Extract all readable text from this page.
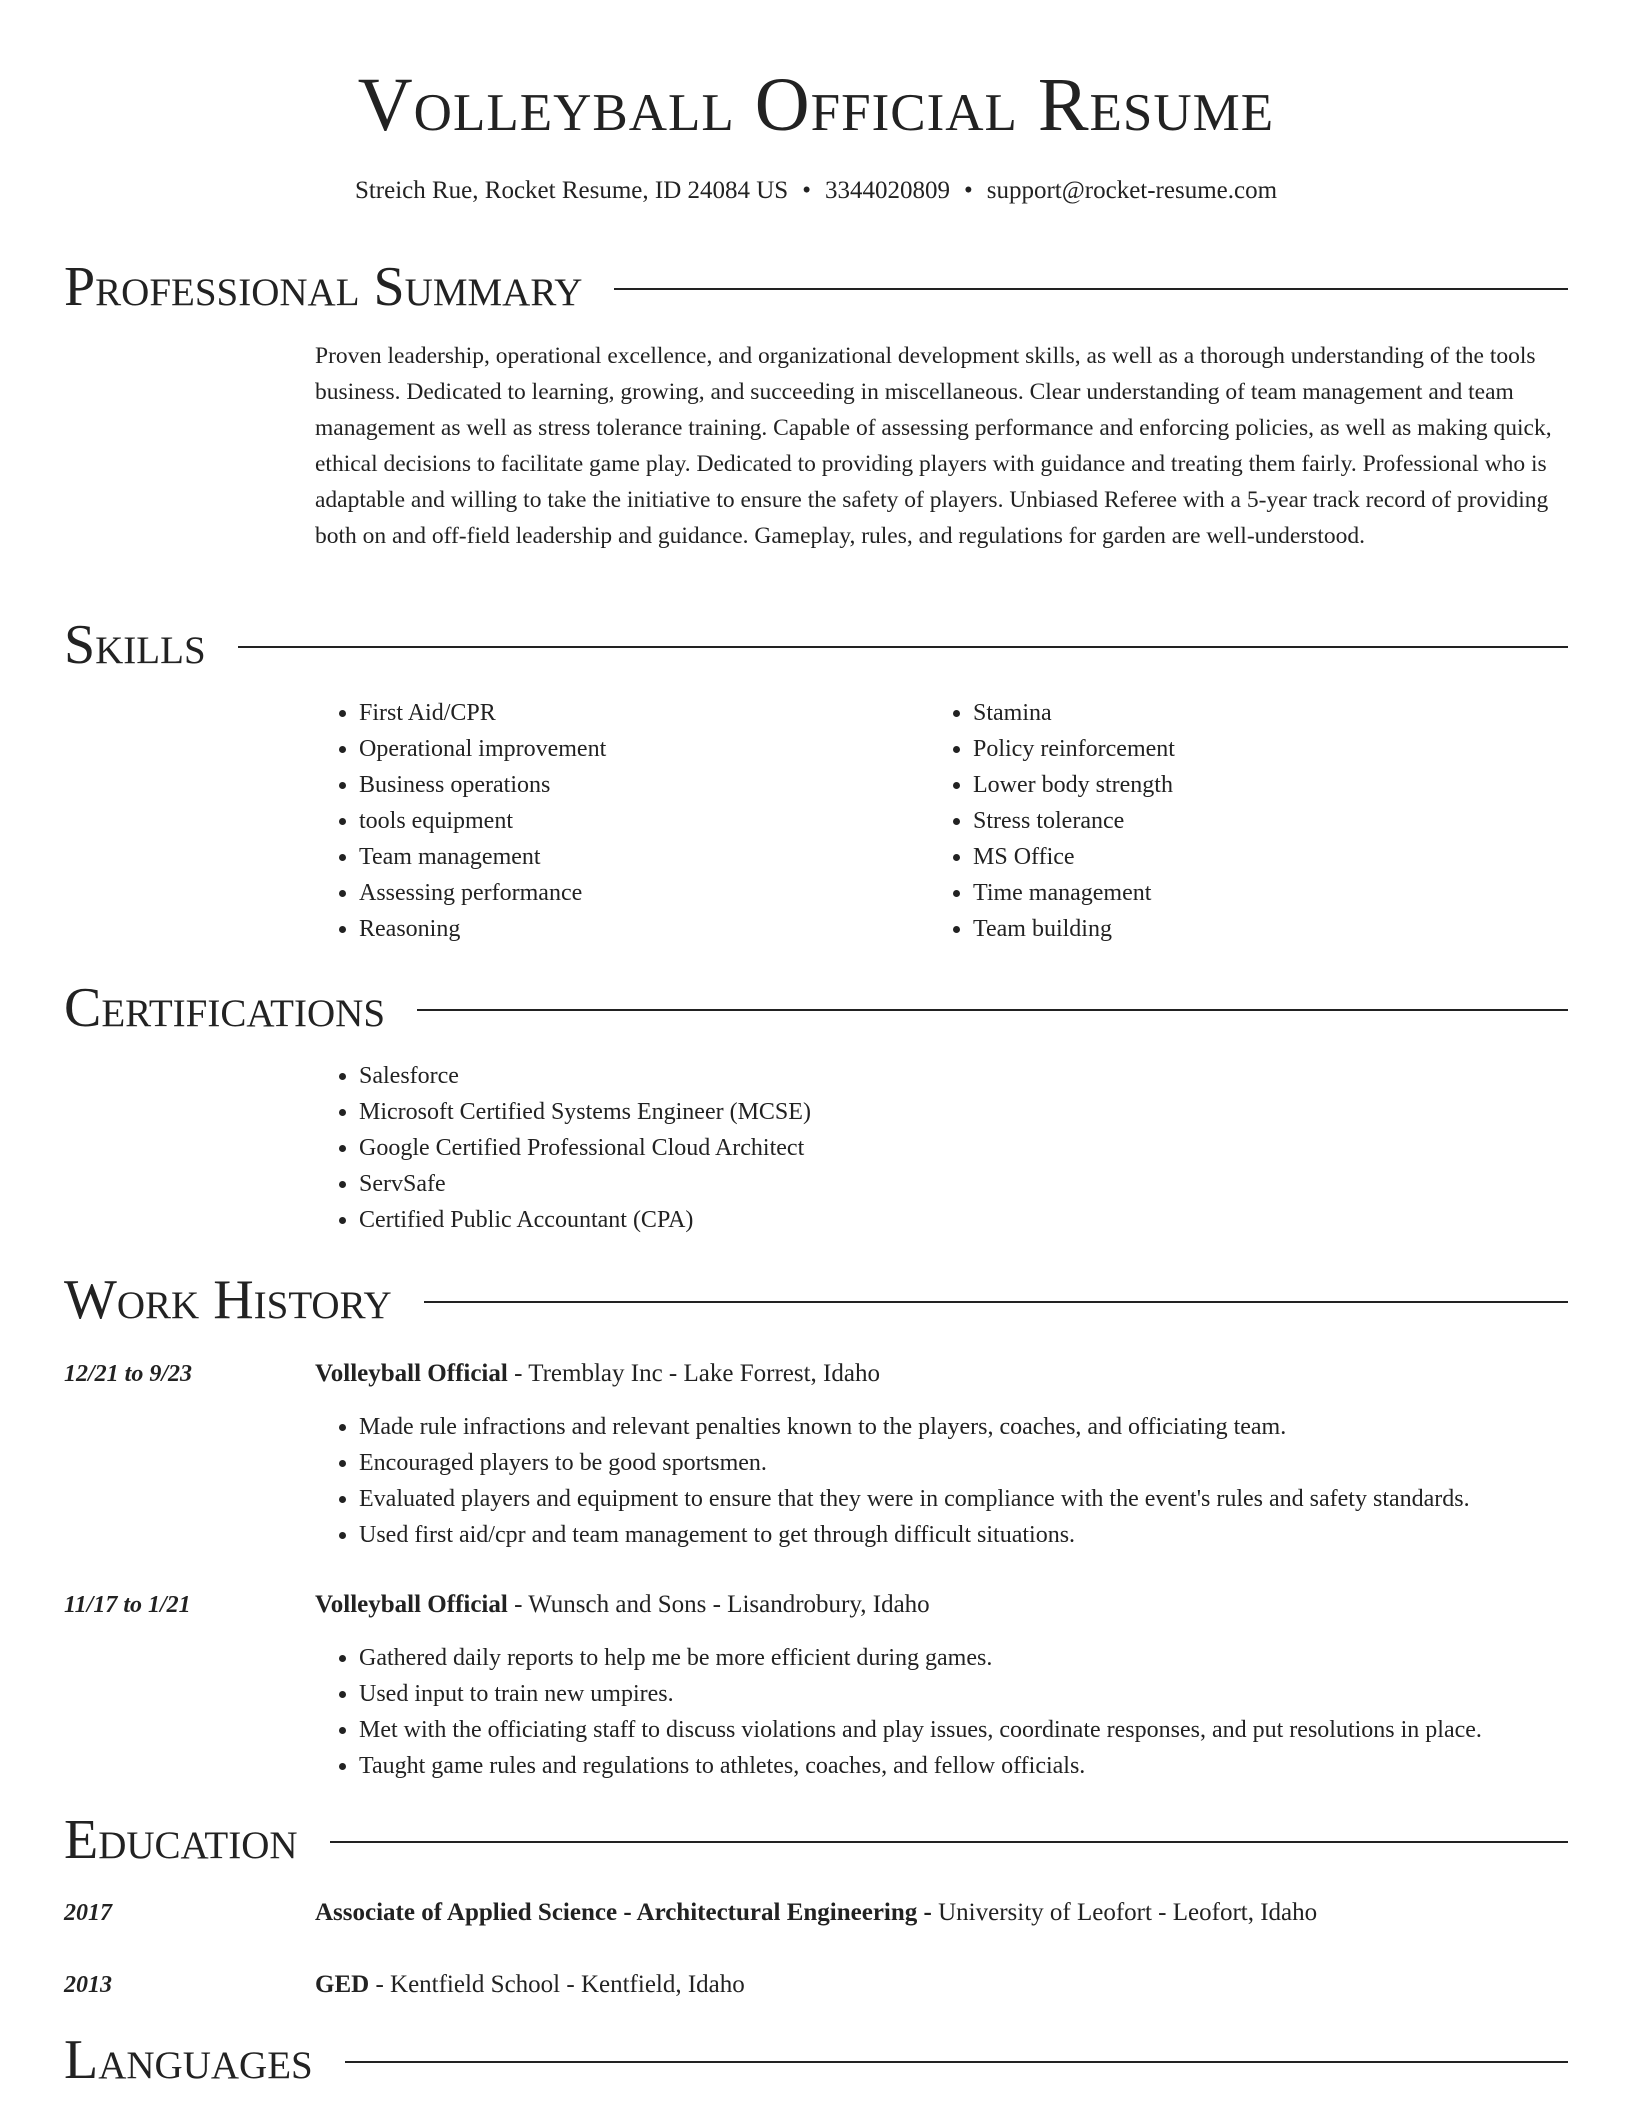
Volleyball Official Resume
Streich Rue, Rocket Resume, ID 24084 US • 3344020809 • support@rocket-resume.com
Professional Summary

Proven leadership, operational excellence, and organizational development skills, as well as a thorough understanding of the tools business. Dedicated to learning, growing, and succeeding in miscellaneous. Clear understanding of team management and team management as well as stress tolerance training. Capable of assessing performance and enforcing policies, as well as making quick, ethical decisions to facilitate game play. Dedicated to providing players with guidance and treating them fairly. Professional who is adaptable and willing to take the initiative to ensure the safety of players. Unbiased Referee with a 5-year track record of providing both on and off-field leadership and guidance. Gameplay, rules, and regulations for garden are well-understood.

Skills
• First Aid/CPR
• Operational improvement
• Business operations
• tools equipment
• Team management
• Assessing performance
• Reasoning
• Stamina
• Policy reinforcement
• Lower body strength
• Stress tolerance
• MS Office
• Time management
• Team building
Certifications
• Salesforce
• Microsoft Certified Systems Engineer (MCSE)
• Google Certified Professional Cloud Architect
• ServSafe
• Certified Public Accountant (CPA)
Work History
12/21 to 9/23	Volleyball Official - Tremblay Inc - Lake Forrest, Idaho
• Made rule infractions and relevant penalties known to the players, coaches, and officiating team.
• Encouraged players to be good sportsmen.
• Evaluated players and equipment to ensure that they were in compliance with the event's rules and safety standards.
• Used first aid/cpr and team management to get through difficult situations.
11/17 to 1/21	Volleyball Official - Wunsch and Sons - Lisandrobury, Idaho
• Gathered daily reports to help me be more efficient during games.
• Used input to train new umpires.
• Met with the officiating staff to discuss violations and play issues, coordinate responses, and put resolutions in place.
• Taught game rules and regulations to athletes, coaches, and fellow officials.
Education
2017	Associate of Applied Science - Architectural Engineering - University of Leofort - Leofort, Idaho
2013	GED - Kentfield School - Kentfield, Idaho
Languages
